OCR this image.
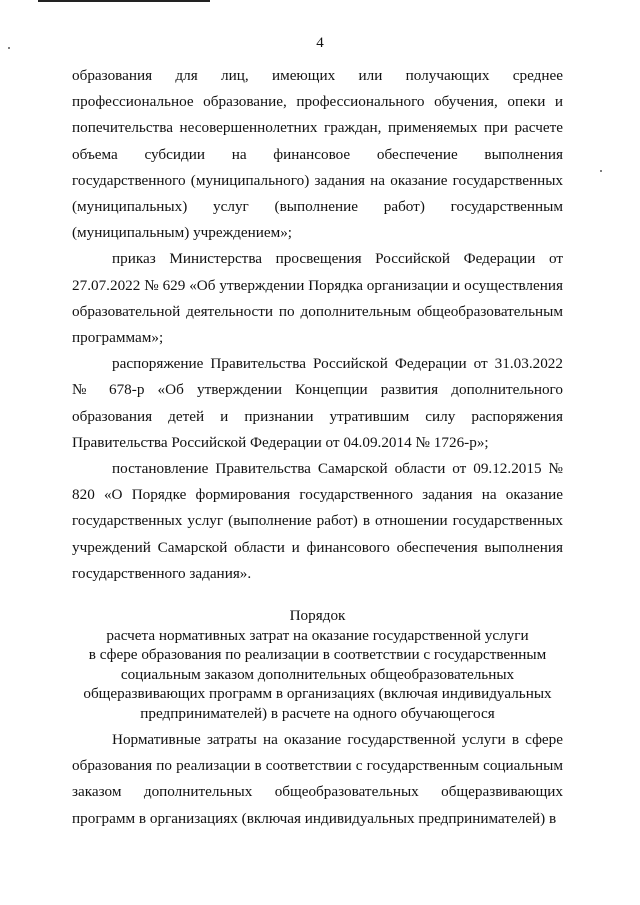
4

образования для лиц, имеющих или получающих среднее профессиональное образование, профессионального обучения, опеки и попечительства несовершеннолетних граждан, применяемых при расчете объема субсидии на финансовое обеспечение выполнения государственного (муниципального) задания на оказание государственных (муниципальных) услуг (выполнение работ) государственным (муниципальным) учреждением»;

приказ Министерства просвещения Российской Федерации от 27.07.2022 № 629 «Об утверждении Порядка организации и осуществления образовательной деятельности по дополнительным общеобразовательным программам»;

распоряжение Правительства Российской Федерации от 31.03.2022 № 678-р «Об утверждении Концепции развития дополнительного образования детей и признании утратившим силу распоряжения Правительства Российской Федерации от 04.09.2014 № 1726-р»;

постановление Правительства Самарской области от 09.12.2015 № 820 «О Порядке формирования государственного задания на оказание государственных услуг (выполнение работ) в отношении государственных учреждений Самарской области и финансового обеспечения выполнения государственного задания».

Порядок
расчета нормативных затрат на оказание государственной услуги
в сфере образования по реализации в соответствии с государственным
социальным заказом дополнительных общеобразовательных
общеразвивающих программ в организациях (включая индивидуальных
предпринимателей) в расчете на одного обучающегося

Нормативные затраты на оказание государственной услуги в сфере образования по реализации в соответствии с государственным социальным заказом дополнительных общеобразовательных общеразвивающих программ в организациях (включая индивидуальных предпринимателей) в
